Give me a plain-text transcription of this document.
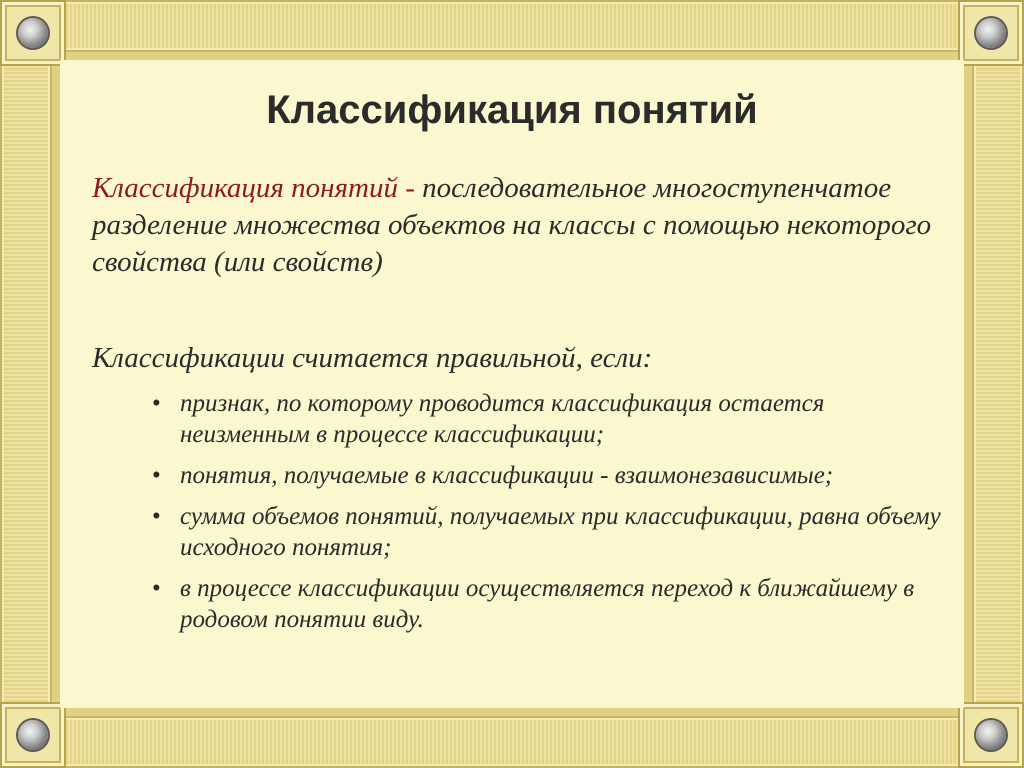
Классификация понятий
Классификация понятий - последовательное многоступенчатое разделение множества объектов на классы с помощью некоторого свойства (или свойств)
Классификации считается правильной, если:
• признак, по которому проводится классификация остается неизменным в процессе классификации;
• понятия, получаемые в классификации - взаимонезависимые;
• сумма объемов понятий, получаемых при классификации, равна объему исходного понятия;
• в процессе классификации осуществляется переход к ближайшему в родовом понятии виду.
